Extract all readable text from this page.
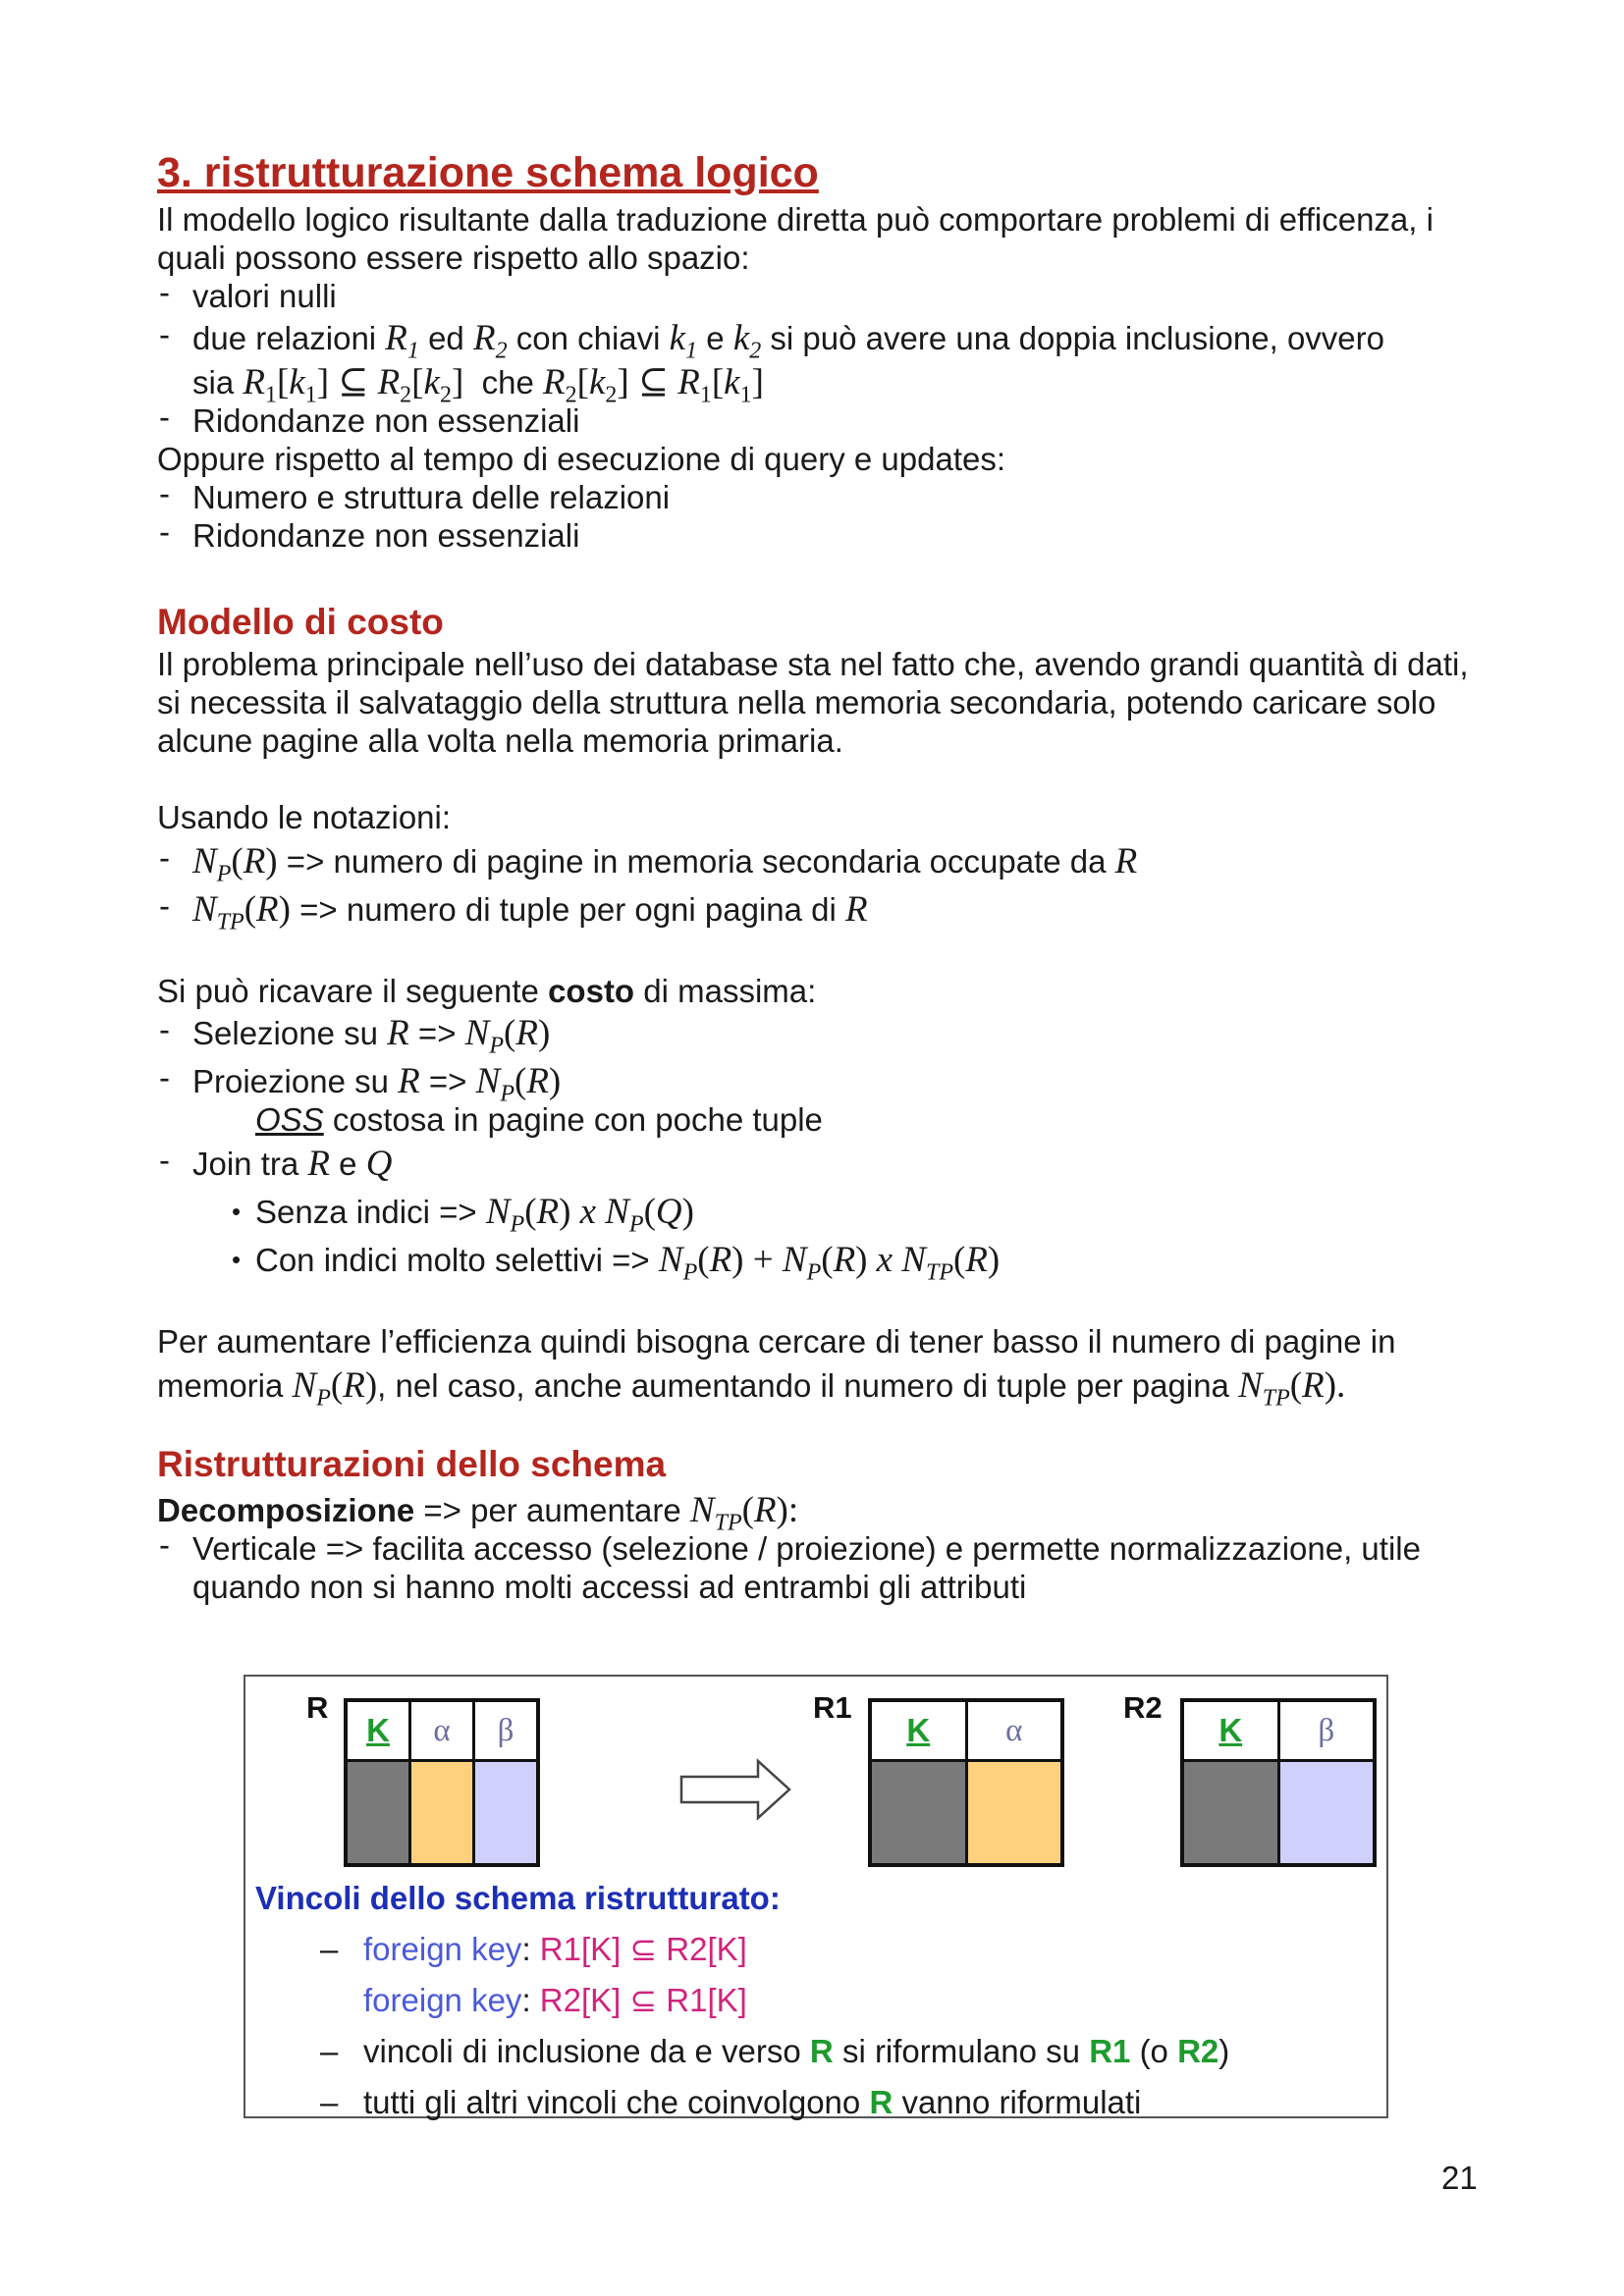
3. ristrutturazione schema logico

Il modello logico risultante dalla traduzione diretta può comportare problemi di efficenza, i quali possono essere rispetto allo spazio:

- valori nulli
- due relazioni $R_1$ ed $R_2$ con chiavi $k_1$ e $k_2$ si può avere una doppia inclusione, ovvero
sia $R_1[k_1]$ ⊆ $R_2[k_2]$ che $R_2[k_2]$ ⊆ $R_1[k_1]$
- Ridondanze non essenziali

Oppure rispetto al tempo di esecuzione di query e updates:

- Numero e struttura delle relazioni
- Ridondanze non essenziali
Modello di costo

Il problema principale nell’uso dei database sta nel fatto che, avendo grandi quantità di dati, si necessita il salvataggio della struttura nella memoria secondaria, potendo caricare solo alcune pagine alla volta nella memoria primaria.

Usando le notazioni:

- $N_P(R)$ => numero di pagine in memoria secondaria occupate da R
- $N_{TP}(R)$ => numero di tuple per ogni pagina di R

Si può ricavare il seguente costo di massima:

- Selezione su $R => N_P(R)$
- Proiezione su $R => N_P(R)$
OSS costosa in pagine con poche tuple
- Join tra R e Q
• Senza indici => $N_P(R)$ x $N_P(Q)$
• Con indici molto selettivi => $N_P(R) + N_P(R)$ x $N_{TP}(R)$

Per aumentare l’efficienza quindi bisogna cercare di tener basso il numero di pagine in

memoria $N_P(R)$, nel caso, anche aumentando il numero di tuple per pagina $N_{TP}(R)$.

Ristrutturazioni dello schema

Decomposizione => per aumentare $N_{TP}(R)$:

- Verticale => facilita accesso (selezione / proiezione) e permette normalizzazione, utile quando non si hanno molti accessi ad entrambi gli attributi
R
K	α	β
R1
K	α
R2
K	β
Vincoli dello schema ristrutturato:
– foreign key: R1[K] ⊆ R2[K]
foreign key: R2[K] ⊆ R1[K]
– vincoli di inclusione da e verso R si riformulano su R1 (o R2)
– tutti gli altri vincoli che coinvolgono R vanno riformulati
21
